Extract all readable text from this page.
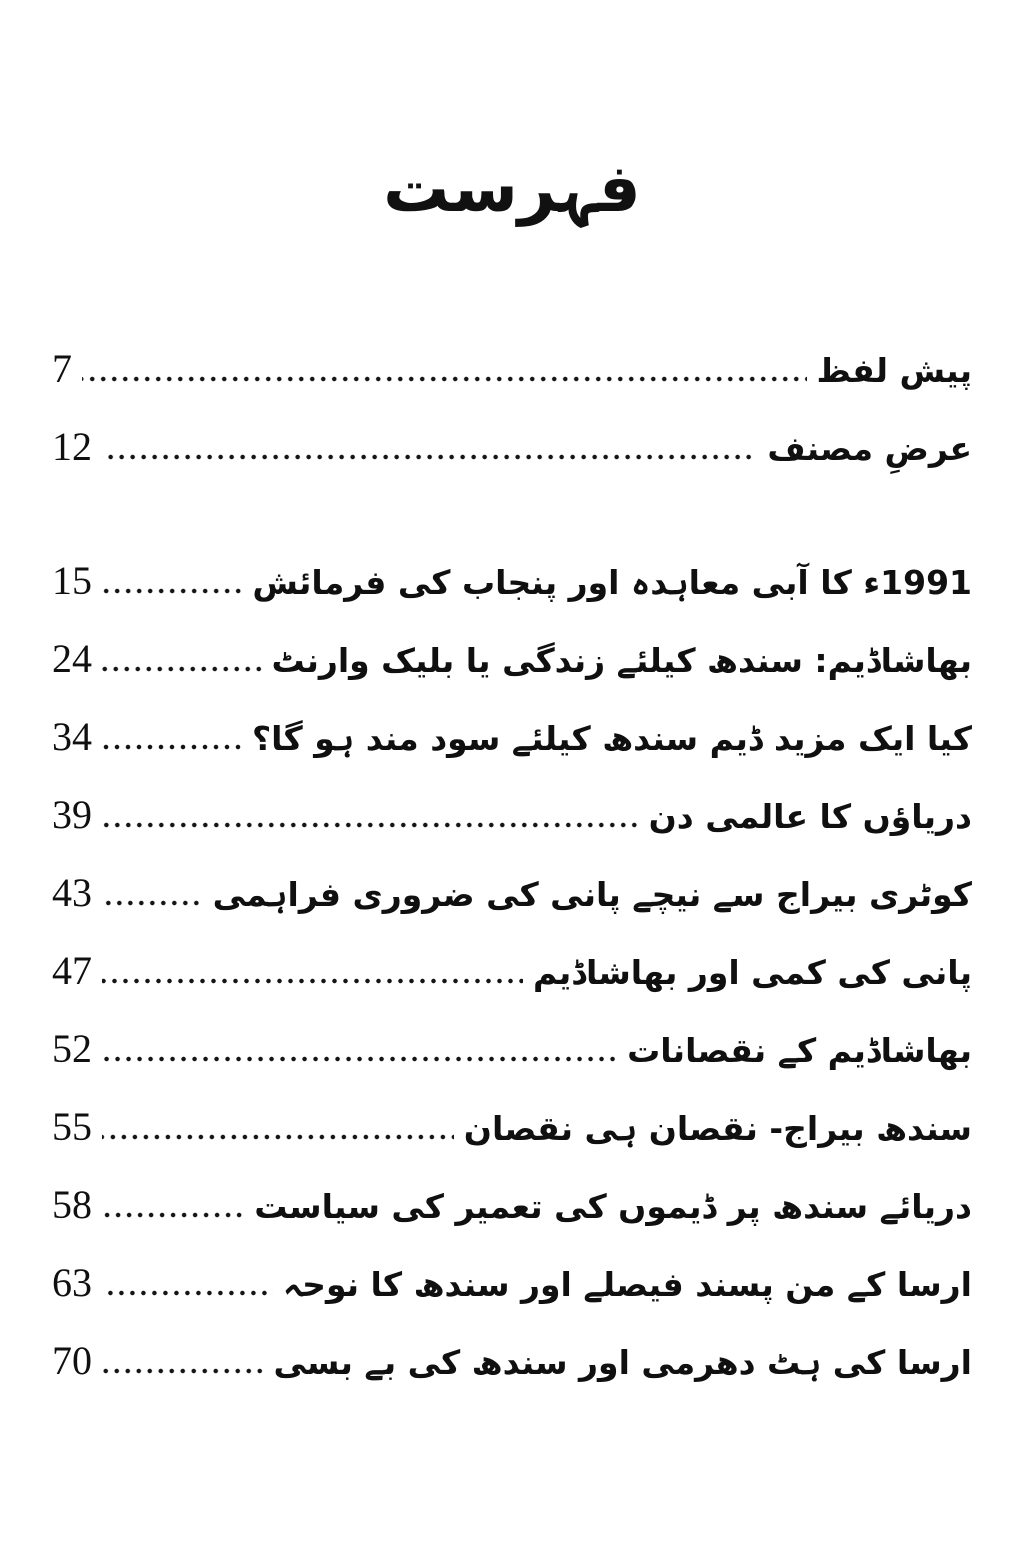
فہرست
پیش لفظ
7
عرضِ مصنف
12
1991ء کا آبی معاہدہ اور پنجاب کی فرمائش
15
بھاشاڈیم: سندھ کیلئے زندگی یا بلیک وارنٹ
24
کیا ایک مزید ڈیم سندھ کیلئے سود مند ہو گا؟
34
دریاؤں کا عالمی دن
39
کوٹری بیراج سے نیچے پانی کی ضروری فراہمی
43
پانی کی کمی اور بھاشاڈیم
47
بھاشاڈیم کے نقصانات
52
سندھ بیراج- نقصان ہی نقصان
55
دریائے سندھ پر ڈیموں کی تعمیر کی سیاست
58
ارسا کے من پسند فیصلے اور سندھ کا نوحہ
63
ارسا کی ہٹ دھرمی اور سندھ کی بے بسی
70
